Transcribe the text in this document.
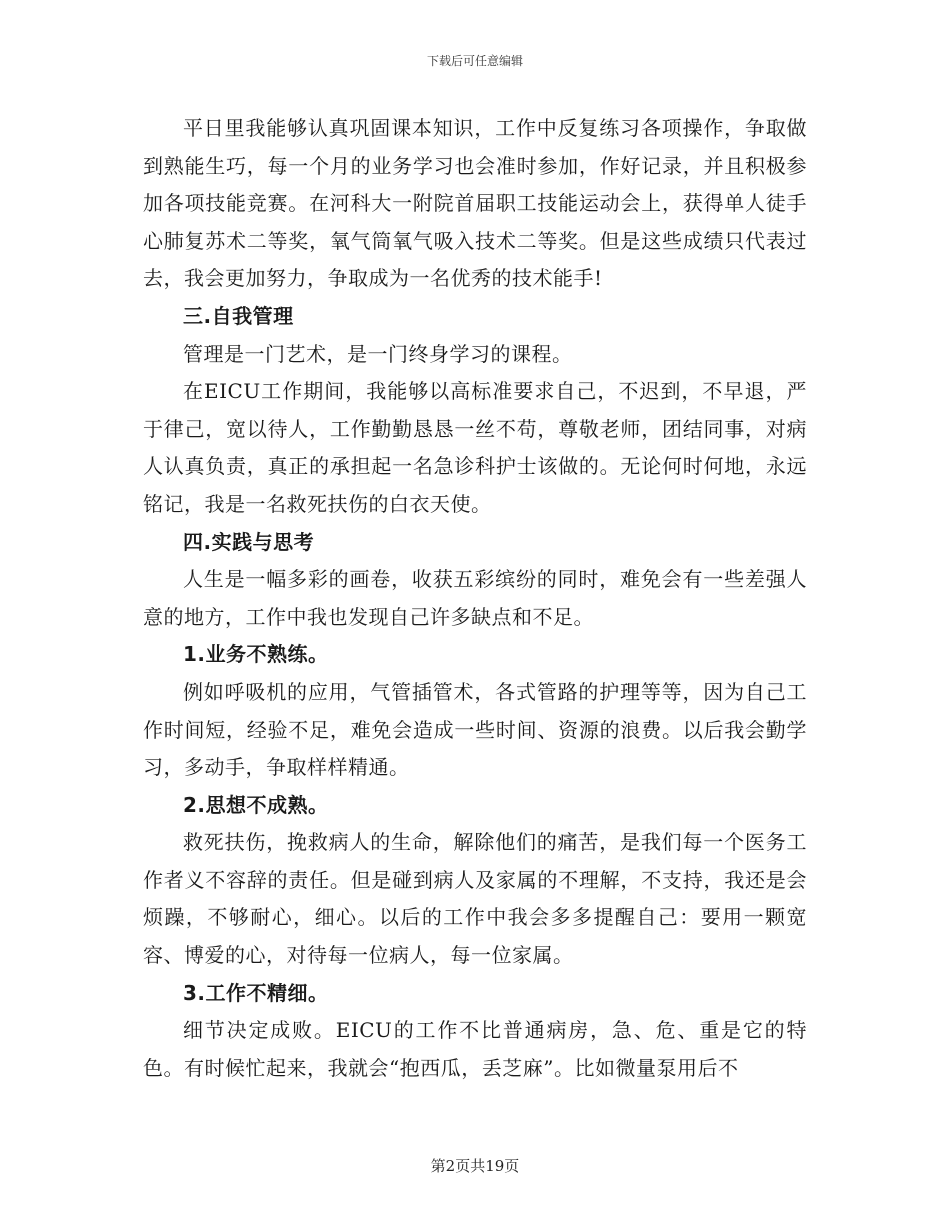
下载后可任意编辑

平日里我能够认真巩固课本知识，工作中反复练习各项操作，争取做到熟能生巧，每一个月的业务学习也会准时参加，作好记录，并且积极参加各项技能竞赛。在河科大一附院首届职工技能运动会上，获得单人徒手心肺复苏术二等奖，氧气筒氧气吸入技术二等奖。但是这些成绩只代表过去，我会更加努力，争取成为一名优秀的技术能手!

三.自我管理

管理是一门艺术，是一门终身学习的课程。

在EICU工作期间，我能够以高标准要求自己，不迟到，不早退，严于律己，宽以待人，工作勤勤恳恳一丝不苟，尊敬老师，团结同事，对病人认真负责，真正的承担起一名急诊科护士该做的。无论何时何地，永远铭记，我是一名救死扶伤的白衣天使。

四.实践与思考

人生是一幅多彩的画卷，收获五彩缤纷的同时，难免会有一些差强人意的地方，工作中我也发现自己许多缺点和不足。

1.业务不熟练。

例如呼吸机的应用，气管插管术，各式管路的护理等等，因为自己工作时间短，经验不足，难免会造成一些时间、资源的浪费。以后我会勤学习，多动手，争取样样精通。

2.思想不成熟。

救死扶伤，挽救病人的生命，解除他们的痛苦，是我们每一个医务工作者义不容辞的责任。但是碰到病人及家属的不理解，不支持，我还是会烦躁，不够耐心，细心。以后的工作中我会多多提醒自己：要用一颗宽容、博爱的心，对待每一位病人，每一位家属。

3.工作不精细。

细节决定成败。EICU的工作不比普通病房，急、危、重是它的特色。有时候忙起来，我就会“抱西瓜，丢芝麻”。比如微量泵用后不

第2页共19页
